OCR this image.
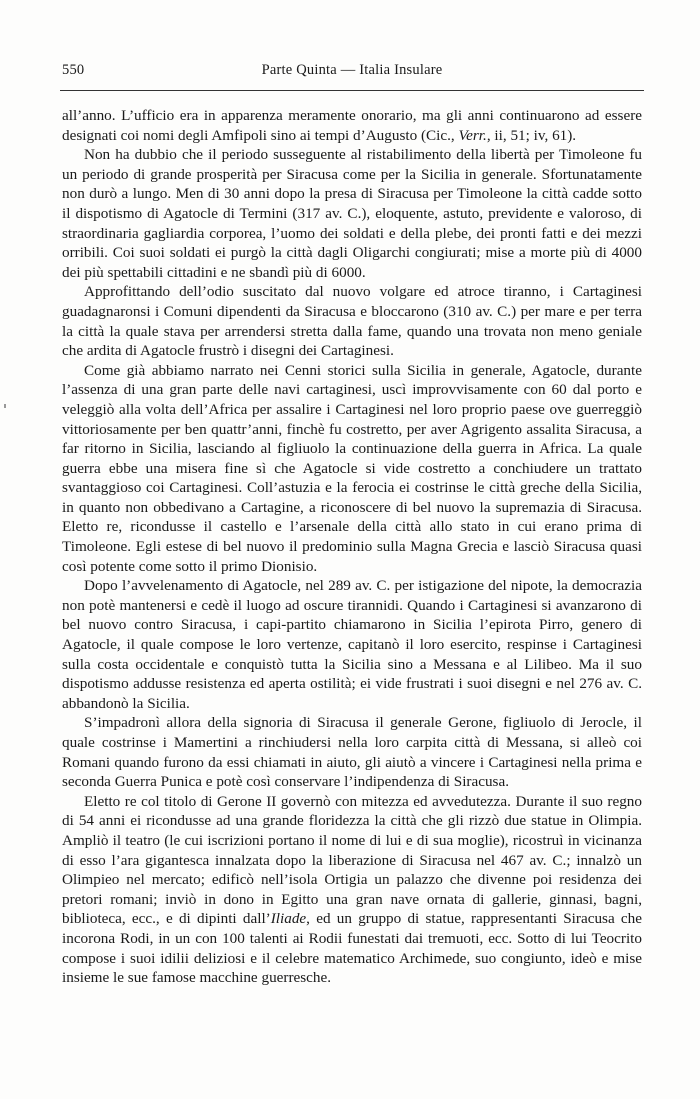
550	Parte Quinta — Italia Insulare

all’anno. L’ufficio era in apparenza meramente onorario, ma gli anni continuarono ad essere designati coi nomi degli Amfipoli sino ai tempi d’Augusto (Cic., Verr., ii, 51; iv, 61).

Non ha dubbio che il periodo susseguente al ristabilimento della libertà per Timoleone fu un periodo di grande prosperità per Siracusa come per la Sicilia in generale. Sfortunatamente non durò a lungo. Men di 30 anni dopo la presa di Siracusa per Timoleone la città cadde sotto il dispotismo di Agatocle di Termini (317 av. C.), eloquente, astuto, previdente e valoroso, di straordinaria gagliardia corporea, l’uomo dei soldati e della plebe, dei pronti fatti e dei mezzi orribili. Coi suoi soldati ei purgò la città dagli Oligarchi congiurati; mise a morte più di 4000 dei più spettabili cittadini e ne sbandì più di 6000.

Approfittando dell’odio suscitato dal nuovo volgare ed atroce tiranno, i Cartaginesi guadagnaronsi i Comuni dipendenti da Siracusa e bloccarono (310 av. C.) per mare e per terra la città la quale stava per arrendersi stretta dalla fame, quando una trovata non meno geniale che ardita di Agatocle frustrò i disegni dei Cartaginesi.

Come già abbiamo narrato nei Cenni storici sulla Sicilia in generale, Agatocle, durante l’assenza di una gran parte delle navi cartaginesi, uscì improvvisamente con 60 dal porto e veleggiò alla volta dell’Africa per assalire i Cartaginesi nel loro proprio paese ove guerreggiò vittoriosamente per ben quattr’anni, finchè fu costretto, per aver Agrigento assalita Siracusa, a far ritorno in Sicilia, lasciando al figliuolo la continuazione della guerra in Africa. La quale guerra ebbe una misera fine sì che Agatocle si vide costretto a conchiudere un trattato svantaggioso coi Cartaginesi. Coll’astuzia e la ferocia ei costrinse le città greche della Sicilia, in quanto non obbedivano a Cartagine, a riconoscere di bel nuovo la supremazia di Siracusa. Eletto re, ricondusse il castello e l’arsenale della città allo stato in cui erano prima di Timoleone. Egli estese di bel nuovo il predominio sulla Magna Grecia e lasciò Siracusa quasi così potente come sotto il primo Dionisio.

Dopo l’avvelenamento di Agatocle, nel 289 av. C. per istigazione del nipote, la democrazia non potè mantenersi e cedè il luogo ad oscure tirannidi. Quando i Cartaginesi si avanzarono di bel nuovo contro Siracusa, i capi-partito chiamarono in Sicilia l’epirota Pirro, genero di Agatocle, il quale compose le loro vertenze, capitanò il loro esercito, respinse i Cartaginesi sulla costa occidentale e conquistò tutta la Sicilia sino a Messana e al Lilibeo. Ma il suo dispotismo addusse resistenza ed aperta ostilità; ei vide frustrati i suoi disegni e nel 276 av. C. abbandonò la Sicilia.

S’impadronì allora della signoria di Siracusa il generale Gerone, figliuolo di Jerocle, il quale costrinse i Mamertini a rinchiudersi nella loro carpita città di Messana, si alleò coi Romani quando furono da essi chiamati in aiuto, gli aiutò a vincere i Cartaginesi nella prima e seconda Guerra Punica e potè così conservare l’indipendenza di Siracusa.

Eletto re col titolo di Gerone II governò con mitezza ed avvedutezza. Durante il suo regno di 54 anni ei ricondusse ad una grande floridezza la città che gli rizzò due statue in Olimpia. Ampliò il teatro (le cui iscrizioni portano il nome di lui e di sua moglie), ricostruì in vicinanza di esso l’ara gigantesca innalzata dopo la liberazione di Siracusa nel 467 av. C.; innalzò un Olimpieo nel mercato; edificò nell’isola Ortigia un palazzo che divenne poi residenza dei pretori romani; inviò in dono in Egitto una gran nave ornata di gallerie, ginnasi, bagni, biblioteca, ecc., e di dipinti dall’Iliade, ed un gruppo di statue, rappresentanti Siracusa che incorona Rodi, in un con 100 talenti ai Rodii funestati dai tremuoti, ecc. Sotto di lui Teocrito compose i suoi idilii deliziosi e il celebre matematico Archimede, suo congiunto, ideò e mise insieme le sue famose macchine guerresche.
